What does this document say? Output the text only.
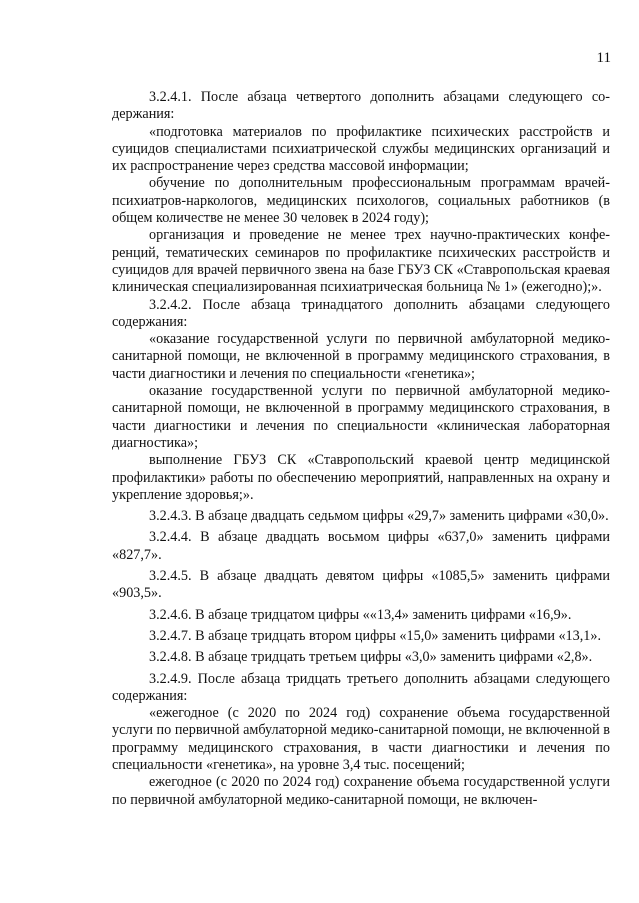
11

3.2.4.1. После абзаца четвертого дополнить абзацами следующего содержания:

«подготовка материалов по профилактике психических расстройств и суицидов специалистами психиатрической службы медицинских организаций и их распространение через средства массовой информации;

обучение по дополнительным профессиональным программам врачей-психиатров-наркологов, медицинских психологов, социальных работников (в общем количестве не менее 30 человек в 2024 году);

организация и проведение не менее трех научно-практических конференций, тематических семинаров по профилактике психических расстройств и суицидов для врачей первичного звена на базе ГБУЗ СК «Ставропольская краевая клиническая специализированная психиатрическая больница № 1» (ежегодно);».

3.2.4.2. После абзаца тринадцатого дополнить абзацами следующего содержания:

«оказание государственной услуги по первичной амбулаторной медико-санитарной помощи, не включенной в программу медицинского страхования, в части диагностики и лечения по специальности «генетика»;

оказание государственной услуги по первичной амбулаторной медико-санитарной помощи, не включенной в программу медицинского страхования, в части диагностики и лечения по специальности «клиническая лабораторная диагностика»;

выполнение ГБУЗ СК «Ставропольский краевой центр медицинской профилактики» работы по обеспечению мероприятий, направленных на охрану и укрепление здоровья;».

3.2.4.3. В абзаце двадцать седьмом цифры «29,7» заменить цифрами «30,0».

3.2.4.4. В абзаце двадцать восьмом цифры «637,0» заменить цифрами «827,7».

3.2.4.5. В абзаце двадцать девятом цифры «1085,5» заменить цифрами «903,5».

3.2.4.6. В абзаце тридцатом цифры ««13,4» заменить цифрами «16,9».

3.2.4.7. В абзаце тридцать втором цифры «15,0» заменить цифрами «13,1».

3.2.4.8. В абзаце тридцать третьем цифры «3,0» заменить цифрами «2,8».

3.2.4.9. После абзаца тридцать третьего дополнить абзацами следующего содержания:

«ежегодное (с 2020 по 2024 год) сохранение объема государственной услуги по первичной амбулаторной медико-санитарной помощи, не включенной в программу медицинского страхования, в части диагностики и лечения по специальности «генетика», на уровне 3,4 тыс. посещений;

ежегодное (с 2020 по 2024 год) сохранение объема государственной услуги по первичной амбулаторной медико-санитарной помощи, не включен-
